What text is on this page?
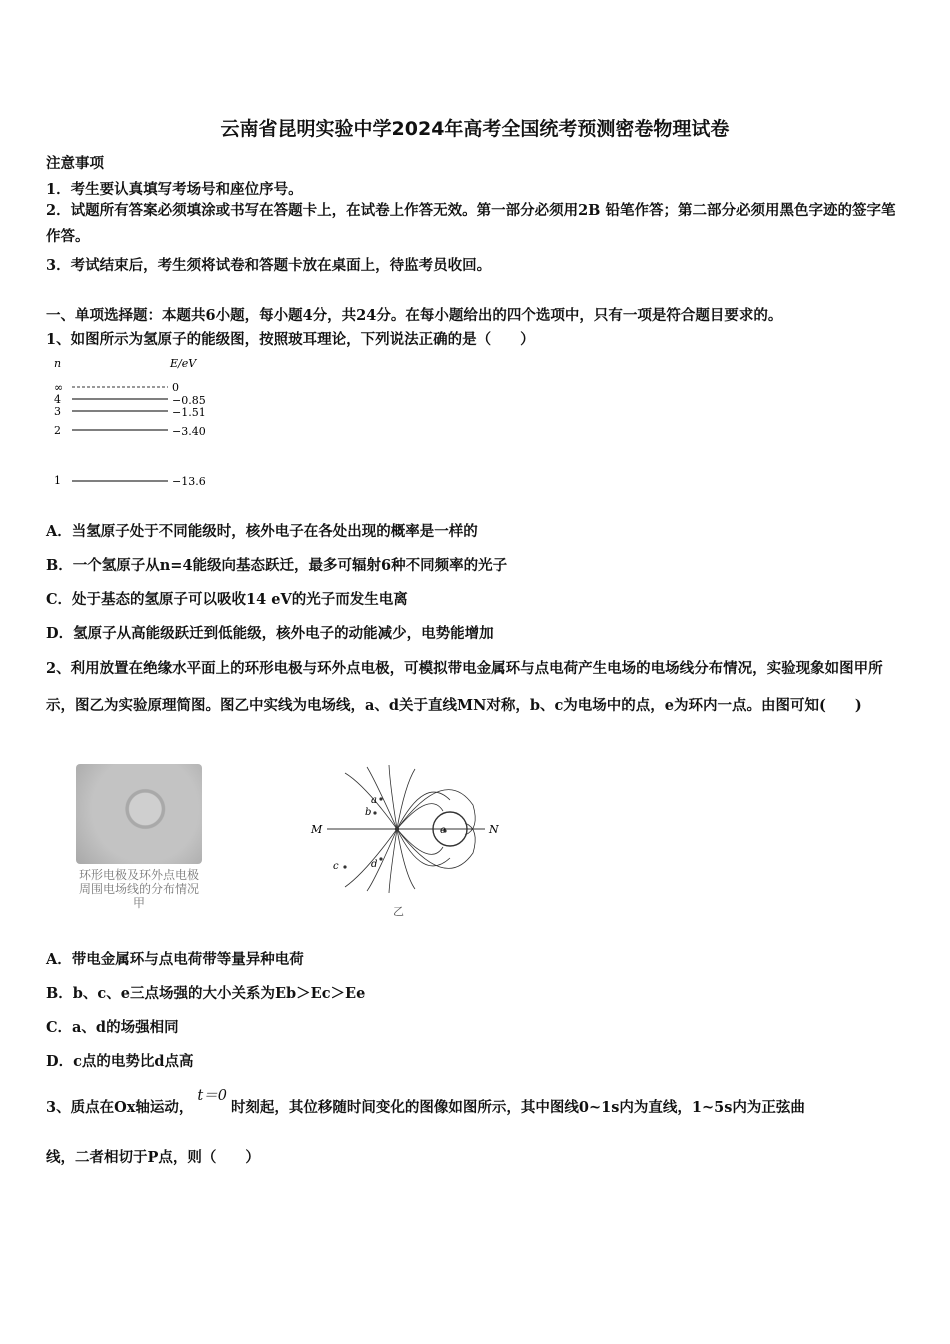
云南省昆明实验中学2024年高考全国统考预测密卷物理试卷
注意事项
1．考生要认真填写考场号和座位序号。
2．试题所有答案必须填涂或书写在答题卡上，在试卷上作答无效。第一部分必须用2B 铅笔作答；第二部分必须用黑色字迹的签字笔作答。
3．考试结束后，考生须将试卷和答题卡放在桌面上，待监考员收回。
一、单项选择题：本题共6小题，每小题4分，共24分。在每小题给出的四个选项中，只有一项是符合题目要求的。
1、如图所示为氢原子的能级图，按照玻耳理论，下列说法正确的是（　　）
n	E/eV
∞	0
4	−0.85
3	−1.51
2	−3.40
1	−13.6
A．当氢原子处于不同能级时，核外电子在各处出现的概率是一样的
B．一个氢原子从n=4能级向基态跃迁，最多可辐射6种不同频率的光子
C．处于基态的氢原子可以吸收14 eV的光子而发生电离
D．氢原子从高能级跃迁到低能级，核外电子的动能减少，电势能增加
2、利用放置在绝缘水平面上的环形电极与环外点电极，可模拟带电金属环与点电荷产生电场的电场线分布情况，实验现象如图甲所示，图乙为实验原理简图。图乙中实线为电场线，a、d关于直线MN对称，b、c为电场中的点，e为环内一点。由图可知(　　)
环形电极及环外点电极
周围电场线的分布情况
甲
M	N
a
b
c	d
e
乙
A．带电金属环与点电荷带等量异种电荷
B．b、c、e三点场强的大小关系为Eb＞Ec＞Ee
C．a、d的场强相同
D．c点的电势比d点高
3、质点在Ox轴运动，t＝0时刻起，其位移随时间变化的图像如图所示，其中图线0~1s内为直线，1~5s内为正弦曲
线，二者相切于P点，则（　　）
